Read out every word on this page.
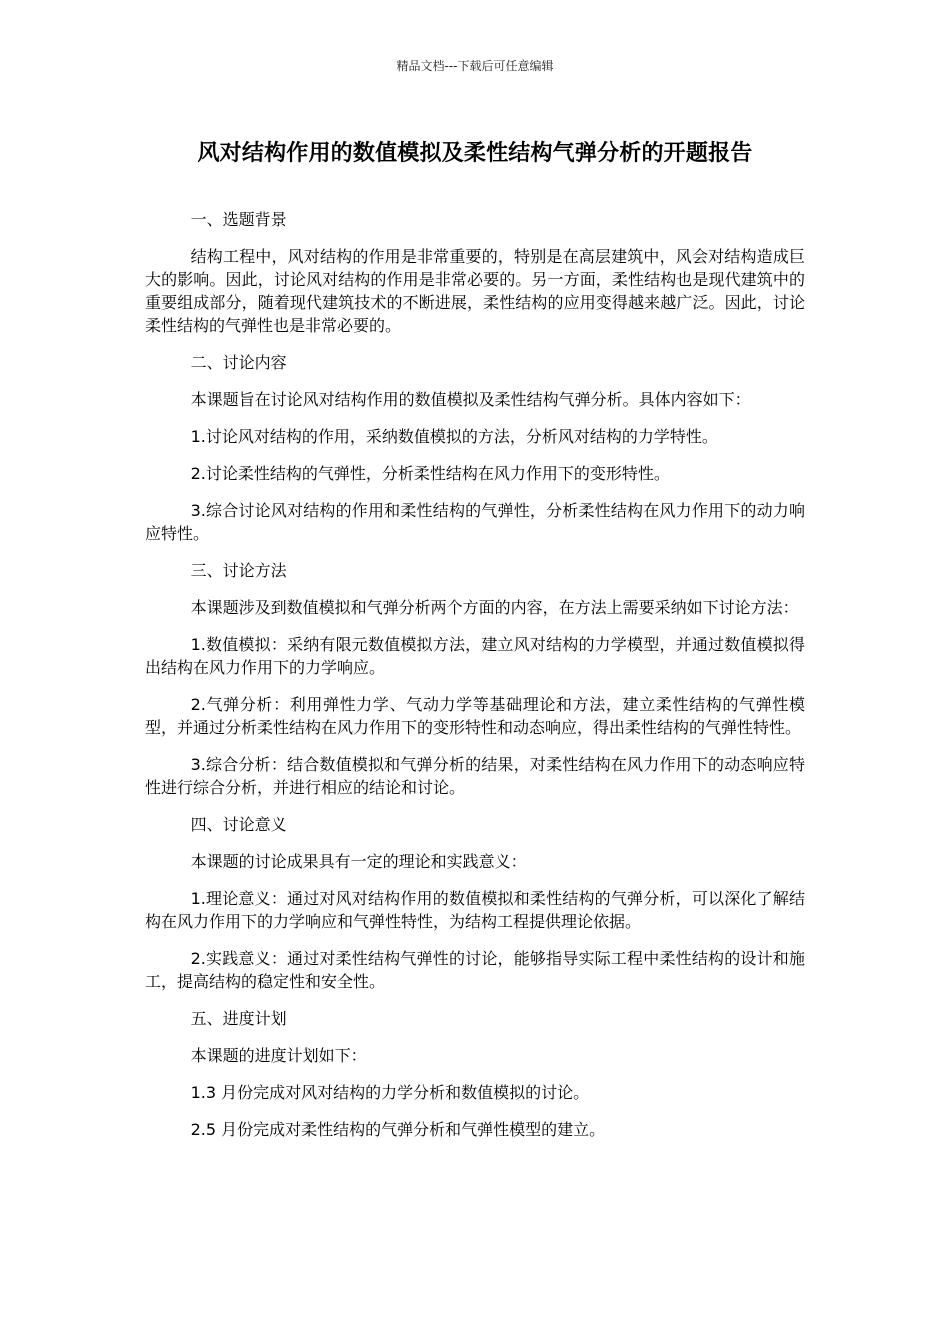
精品文档---下载后可任意编辑
风对结构作用的数值模拟及柔性结构气弹分析的开题报告

一、选题背景

结构工程中，风对结构的作用是非常重要的，特别是在高层建筑中，风会对结构造成巨大的影响。因此，讨论风对结构的作用是非常必要的。另一方面，柔性结构也是现代建筑中的重要组成部分，随着现代建筑技术的不断进展，柔性结构的应用变得越来越广泛。因此，讨论柔性结构的气弹性也是非常必要的。

二、讨论内容

本课题旨在讨论风对结构作用的数值模拟及柔性结构气弹分析。具体内容如下：

1.讨论风对结构的作用，采纳数值模拟的方法，分析风对结构的力学特性。

2.讨论柔性结构的气弹性，分析柔性结构在风力作用下的变形特性。

3.综合讨论风对结构的作用和柔性结构的气弹性，分析柔性结构在风力作用下的动力响应特性。

三、讨论方法

本课题涉及到数值模拟和气弹分析两个方面的内容，在方法上需要采纳如下讨论方法：

1.数值模拟：采纳有限元数值模拟方法，建立风对结构的力学模型，并通过数值模拟得出结构在风力作用下的力学响应。

2.气弹分析：利用弹性力学、气动力学等基础理论和方法，建立柔性结构的气弹性模型，并通过分析柔性结构在风力作用下的变形特性和动态响应，得出柔性结构的气弹性特性。

3.综合分析：结合数值模拟和气弹分析的结果，对柔性结构在风力作用下的动态响应特性进行综合分析，并进行相应的结论和讨论。

四、讨论意义

本课题的讨论成果具有一定的理论和实践意义：

1.理论意义：通过对风对结构作用的数值模拟和柔性结构的气弹分析，可以深化了解结构在风力作用下的力学响应和气弹性特性，为结构工程提供理论依据。

2.实践意义：通过对柔性结构气弹性的讨论，能够指导实际工程中柔性结构的设计和施工，提高结构的稳定性和安全性。

五、进度计划

本课题的进度计划如下：

1.3 月份完成对风对结构的力学分析和数值模拟的讨论。

2.5 月份完成对柔性结构的气弹分析和气弹性模型的建立。
